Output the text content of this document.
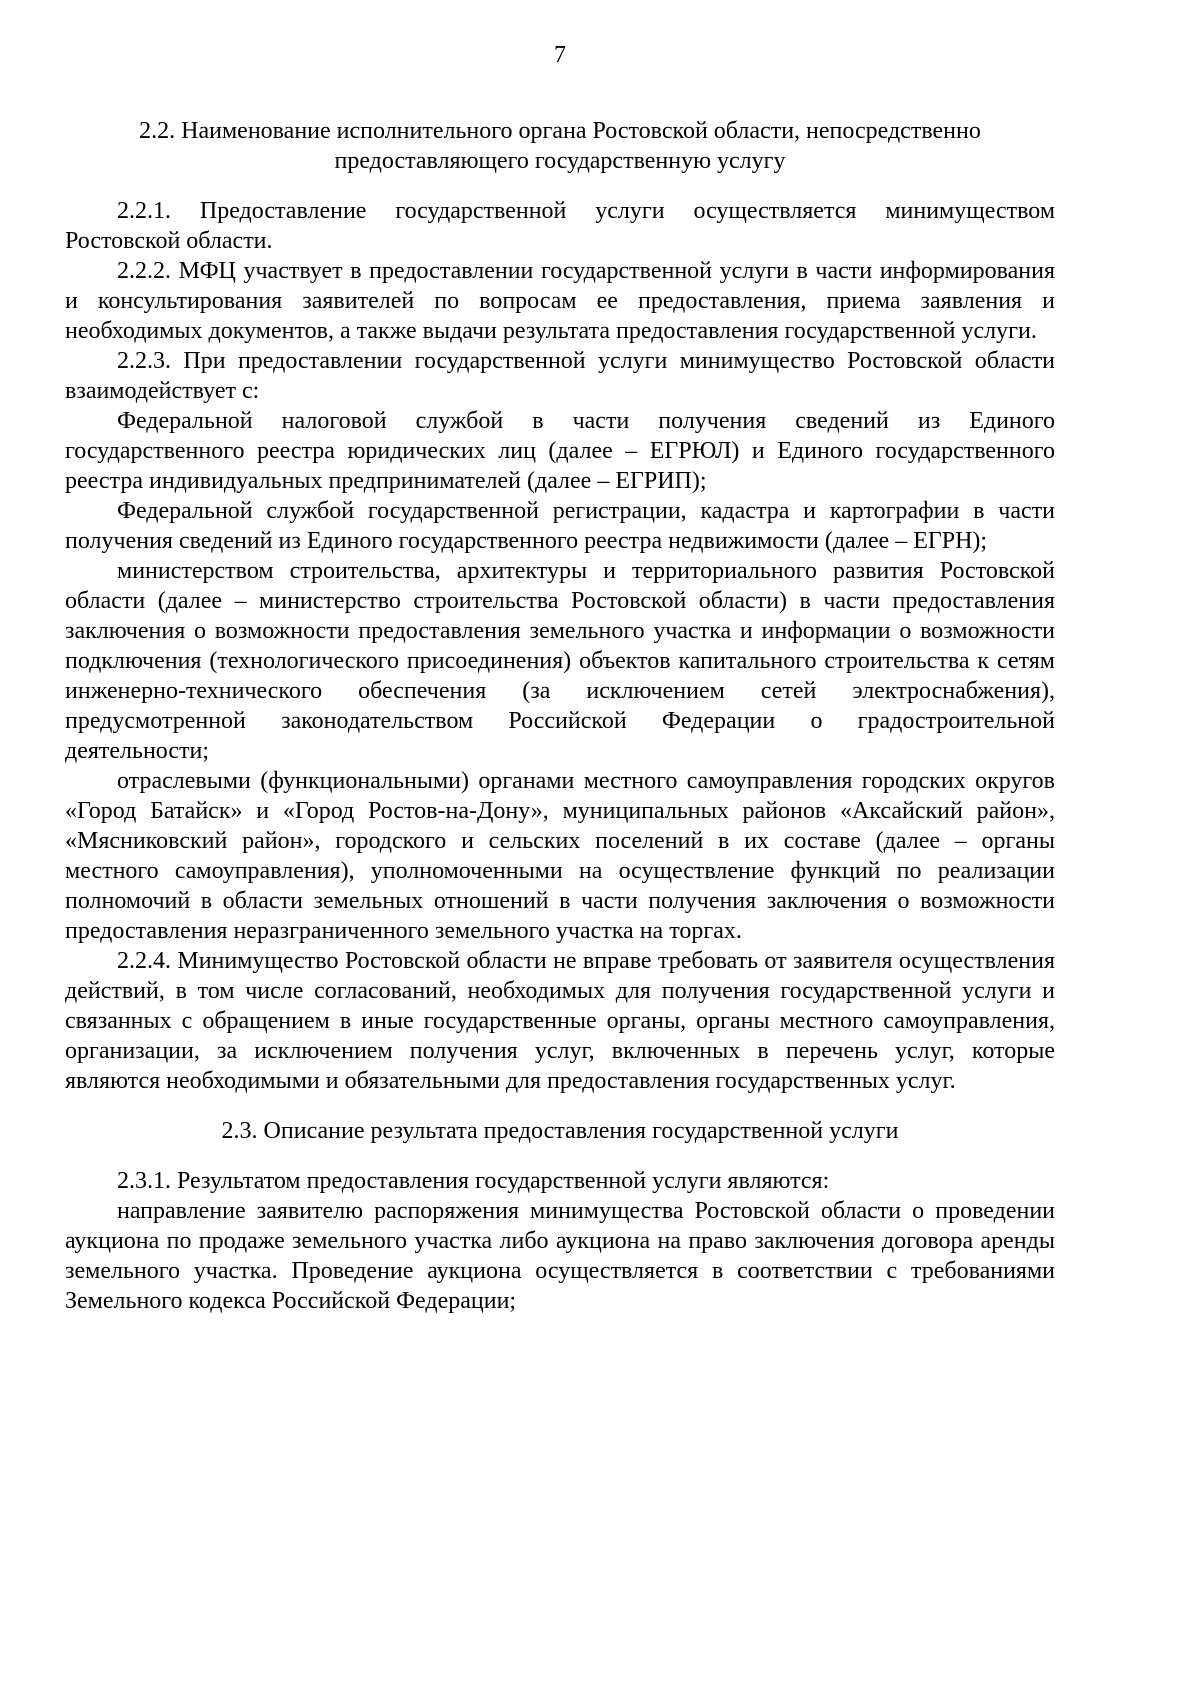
7
2.2. Наименование исполнительного органа Ростовской области, непосредственно предоставляющего государственную услугу

2.2.1. Предоставление государственной услуги осуществляется минимуществом Ростовской области.

2.2.2. МФЦ участвует в предоставлении государственной услуги в части информирования и консультирования заявителей по вопросам ее предоставления, приема заявления и необходимых документов, а также выдачи результата предоставления государственной услуги.

2.2.3. При предоставлении государственной услуги минимущество Ростовской области взаимодействует с:

Федеральной налоговой службой в части получения сведений из Единого государственного реестра юридических лиц (далее – ЕГРЮЛ) и Единого государственного реестра индивидуальных предпринимателей (далее – ЕГРИП);

Федеральной службой государственной регистрации, кадастра и картографии в части получения сведений из Единого государственного реестра недвижимости (далее – ЕГРН);

министерством строительства, архитектуры и территориального развития Ростовской области (далее – министерство строительства Ростовской области) в части предоставления заключения о возможности предоставления земельного участка и информации о возможности подключения (технологического присоединения) объектов капитального строительства к сетям инженерно-технического обеспечения (за исключением сетей электроснабжения), предусмотренной законодательством Российской Федерации о градостроительной деятельности;

отраслевыми (функциональными) органами местного самоуправления городских округов «Город Батайск» и «Город Ростов-на-Дону», муниципальных районов «Аксайский район», «Мясниковский район», городского и сельских поселений в их составе (далее – органы местного самоуправления), уполномоченными на осуществление функций по реализации полномочий в области земельных отношений в части получения заключения о возможности предоставления неразграниченного земельного участка на торгах.

2.2.4. Минимущество Ростовской области не вправе требовать от заявителя осуществления действий, в том числе согласований, необходимых для получения государственной услуги и связанных с обращением в иные государственные органы, органы местного самоуправления, организации, за исключением получения услуг, включенных в перечень услуг, которые являются необходимыми и обязательными для предоставления государственных услуг.

2.3. Описание результата предоставления государственной услуги

2.3.1. Результатом предоставления государственной услуги являются:

направление заявителю распоряжения минимущества Ростовской области о проведении аукциона по продаже земельного участка либо аукциона на право заключения договора аренды земельного участка. Проведение аукциона осуществляется в соответствии с требованиями Земельного кодекса Российской Федерации;
